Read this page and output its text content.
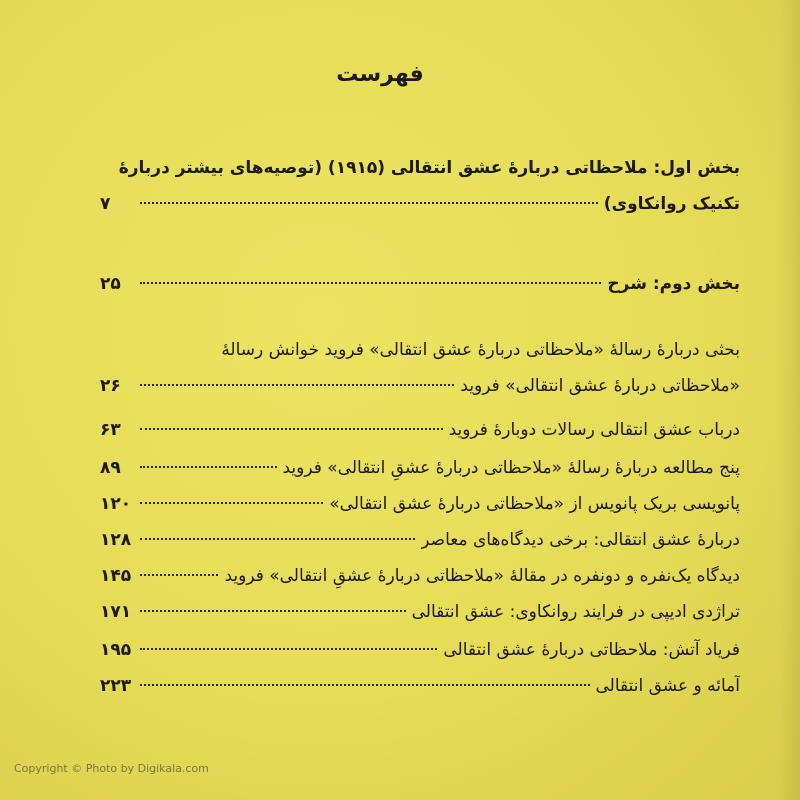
فهرست
بخش اول: ملاحظاتی دربارهٔ عشق انتقالی (۱۹۱۵) (توصیه‌های بیشتر دربارهٔ
تکنیک روانکاوی)
۷
بخش دوم: شرح
۲۵
بحثی دربارهٔ رسالهٔ «ملاحظاتی دربارهٔ عشق انتقالی» فروید خوانش رسالهٔ
«ملاحظاتی دربارهٔ عشق انتقالی» فروید
۲۶
درباب عشق انتقالی رسالات دوبارهٔ فروید
۶۳
پنج مطالعه دربارهٔ رسالهٔ «ملاحظاتی دربارهٔ عشقِ انتقالی» فروید
۸۹
پانویسی بریک پانویس از «ملاحظاتی دربارهٔ عشق انتقالی»
۱۲۰
دربارهٔ عشق انتقالی: برخی دیدگاه‌های معاصر
۱۲۸
دیدگاه یک‌نفره و دونفره در مقالهٔ «ملاحظاتی دربارهٔ عشقِ انتقالی» فروید
۱۴۵
تراژدی ادیپی در فرایند روانکاوی: عشق انتقالی
۱۷۱
فریاد آتش: ملاحظاتی دربارهٔ عشق انتقالی
۱۹۵
آمائه و عشق انتقالی
۲۲۳
Copyright © Photo by Digikala.com
